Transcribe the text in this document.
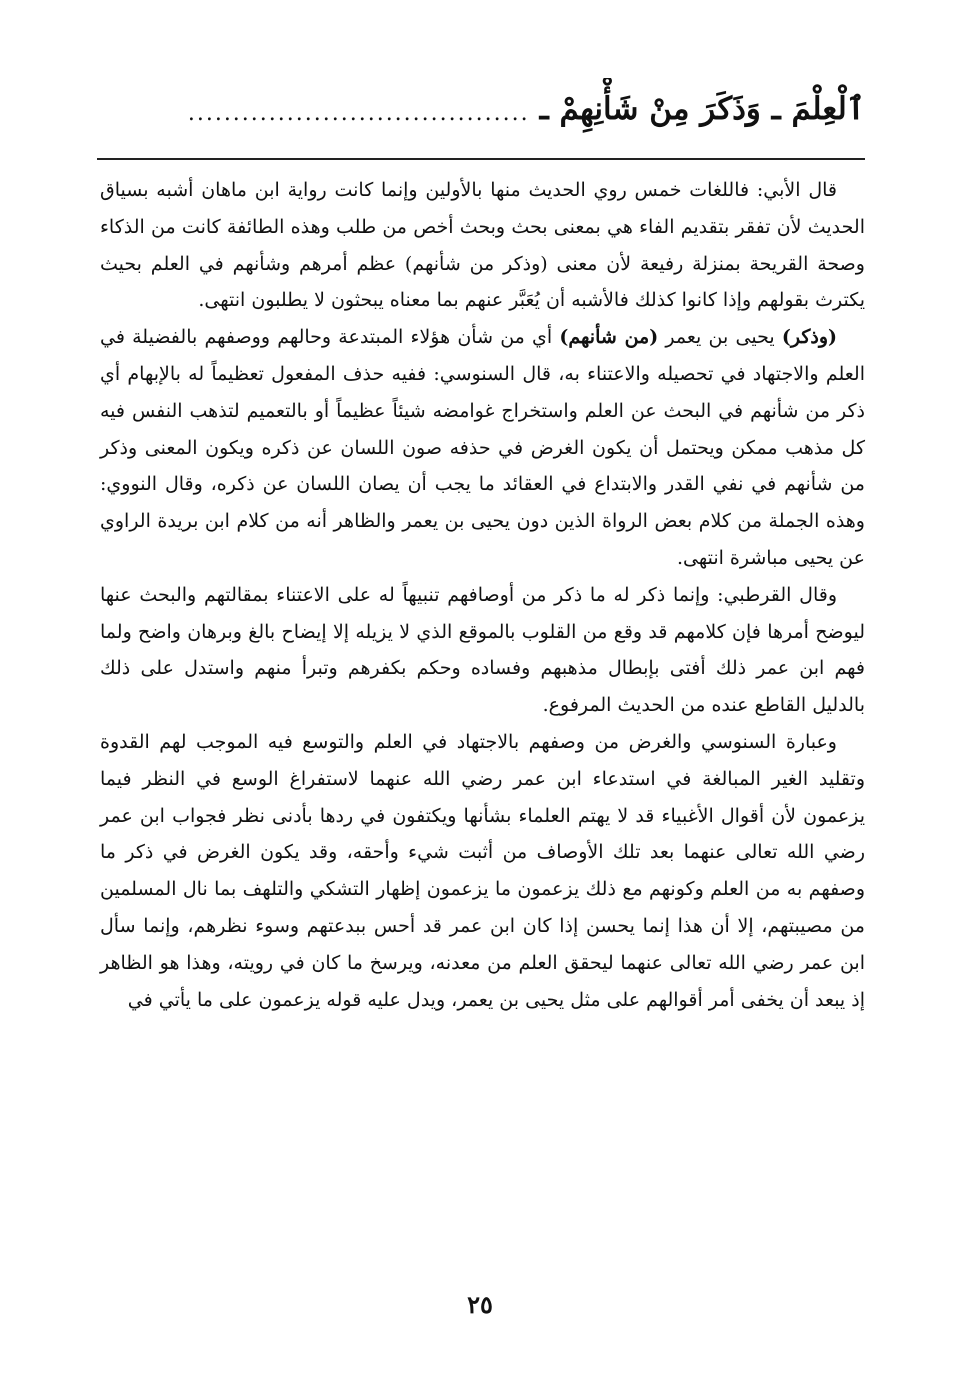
ٱلْعِلْمَ ـ وَذَكَرَ مِنْ شَأْنِهِمْ ـ
......................................

قال الأبي: فاللغات خمس روي الحديث منها بالأولين وإنما كانت رواية ابن ماهان أشبه بسياق الحديث لأن تفقر بتقديم الفاء هي بمعنى بحث وبحث أخص من طلب وهذه الطائفة كانت من الذكاء وصحة القريحة بمنزلة رفيعة لأن معنى (وذكر من شأنهم) عظم أمرهم وشأنهم في العلم بحيث يكترث بقولهم وإذا كانوا كذلك فالأشبه أن يُعَبَّر عنهم بما معناه يبحثون لا يطلبون انتهى.

(وذكر) يحيى بن يعمر (من شأنهم) أي من شأن هؤلاء المبتدعة وحالهم ووصفهم بالفضيلة في العلم والاجتهاد في تحصيله والاعتناء به، قال السنوسي: ففيه حذف المفعول تعظيماً له بالإبهام أي ذكر من شأنهم في البحث عن العلم واستخراج غوامضه شيئاً عظيماً أو بالتعميم لتذهب النفس فيه كل مذهب ممكن ويحتمل أن يكون الغرض في حذفه صون اللسان عن ذكره ويكون المعنى وذكر من شأنهم في نفي القدر والابتداع في العقائد ما يجب أن يصان اللسان عن ذكره، وقال النووي: وهذه الجملة من كلام بعض الرواة الذين دون يحيى بن يعمر والظاهر أنه من كلام ابن بريدة الراوي عن يحيى مباشرة انتهى.

وقال القرطبي: وإنما ذكر له ما ذكر من أوصافهم تنبيهاً له على الاعتناء بمقالتهم والبحث عنها ليوضح أمرها فإن كلامهم قد وقع من القلوب بالموقع الذي لا يزيله إلا إيضاح بالغ وبرهان واضح ولما فهم ابن عمر ذلك أفتى بإبطال مذهبهم وفساده وحكم بكفرهم وتبرأ منهم واستدل على ذلك بالدليل القاطع عنده من الحديث المرفوع.

وعبارة السنوسي والغرض من وصفهم بالاجتهاد في العلم والتوسع فيه الموجب لهم القدوة وتقليد الغير المبالغة في استدعاء ابن عمر رضي الله عنهما لاستفراغ الوسع في النظر فيما يزعمون لأن أقوال الأغبياء قد لا يهتم العلماء بشأنها ويكتفون في ردها بأدنى نظر فجواب ابن عمر رضي الله تعالى عنهما بعد تلك الأوصاف من أثبت شيء وأحقه، وقد يكون الغرض في ذكر ما وصفهم به من العلم وكونهم مع ذلك يزعمون ما يزعمون إظهار التشكي والتلهف بما نال المسلمين من مصيبتهم، إلا أن هذا إنما يحسن إذا كان ابن عمر قد أحس ببدعتهم وسوء نظرهم، وإنما سأل ابن عمر رضي الله تعالى عنهما ليحقق العلم من معدنه، ويرسخ ما كان في رويته، وهذا هو الظاهر إذ يبعد أن يخفى أمر أقوالهم على مثل يحيى بن يعمر، ويدل عليه قوله يزعمون على ما يأتي في

٢٥
